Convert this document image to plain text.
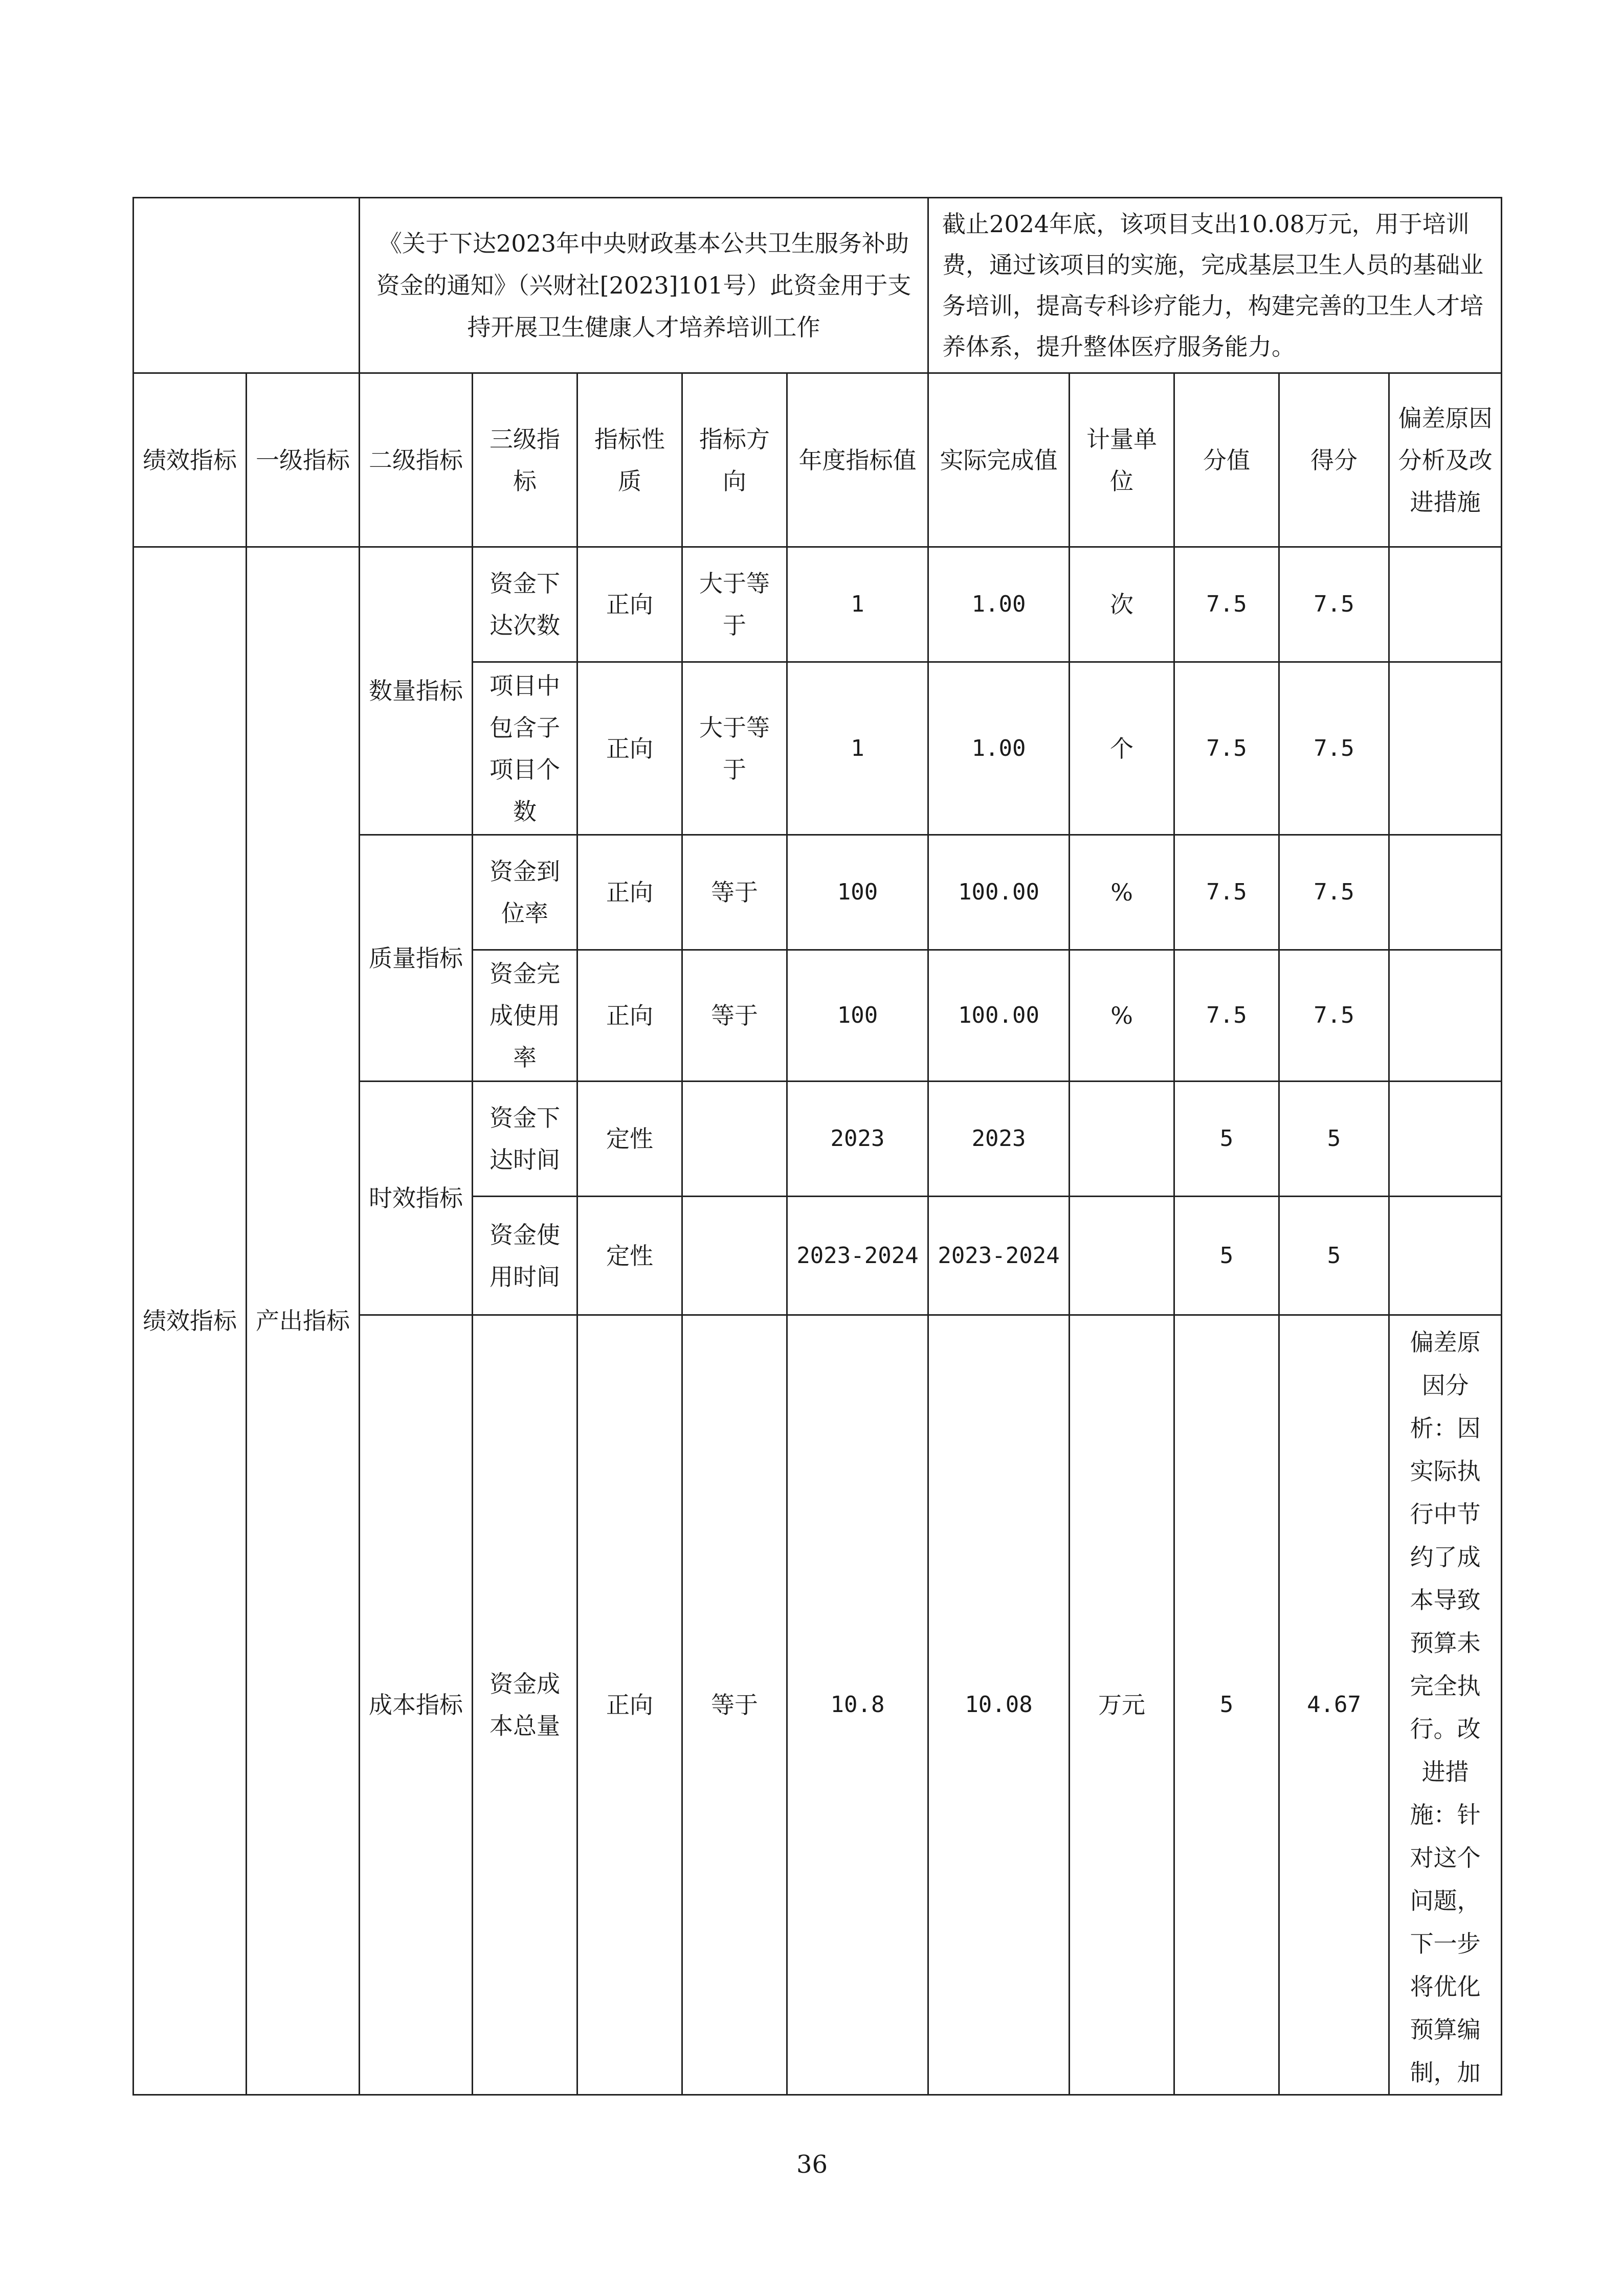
		《关于下达2023年中央财政基本公共卫生服务补助资金的通知》（兴财社[2023]101号）此资金用于支持开展卫生健康人才培养培训工作					截止2024年底，该项目支出10.08万元，用于培训费，通过该项目的实施，完成基层卫生人员的基础业务培训，提高专科诊疗能力，构建完善的卫生人才培养体系，提升整体医疗服务能力。				
绩效指标	一级指标	二级指标	三级指标	指标性质	指标方向	年度指标值	实际完成值	计量单位	分值	得分	偏差原因分析及改进措施
绩效指标	产出指标	数量指标	资金下达次数	正向	大于等于	1	1.00	次	7.5	7.5	
			项目中包含子项目个数	正向	大于等于	1	1.00	个	7.5	7.5	
		质量指标	资金到位率	正向	等于	100	100.00	%	7.5	7.5	
			资金完成使用率	正向	等于	100	100.00	%	7.5	7.5	
		时效指标	资金下达时间	定性		2023	2023		5	5	
			资金使用时间	定性		2023-2024	2023-2024		5	5	
		成本指标	资金成本总量	正向	等于	10.8	10.08	万元	5	4.67	偏差原因分析：因实际执行中节约了成本导致预算未完全执行。改进措施：针对这个问题，下一步将优化预算编制，加
36
